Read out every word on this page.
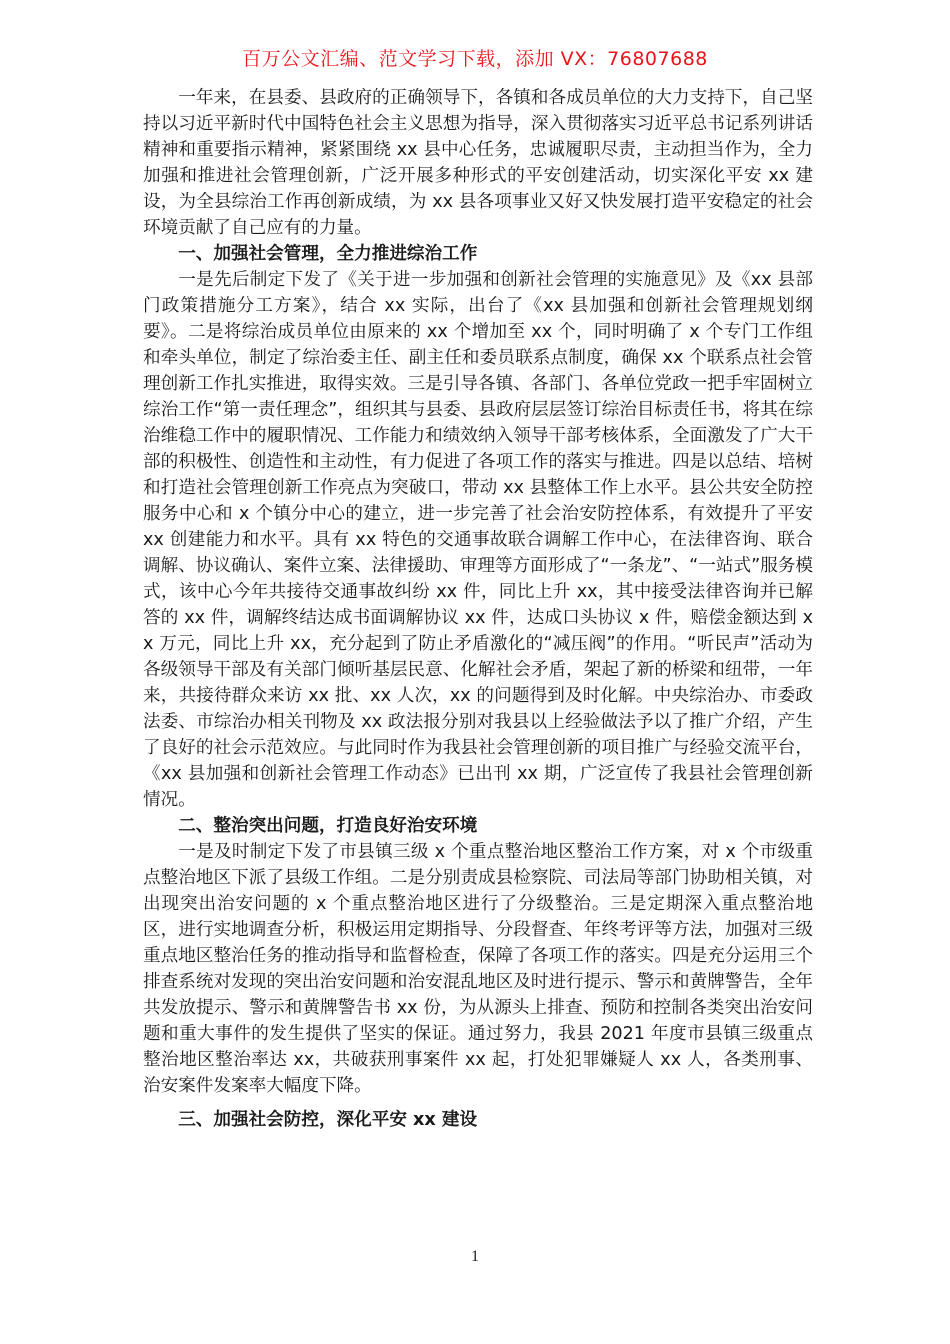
百万公文汇编、范文学习下载，添加 VX：76807688

一年来，在县委、县政府的正确领导下，各镇和各成员单位的大力支持下，自己坚持以习近平新时代中国特色社会主义思想为指导，深入贯彻落实习近平总书记系列讲话精神和重要指示精神，紧紧围绕 xx 县中心任务，忠诚履职尽责，主动担当作为，全力加强和推进社会管理创新，广泛开展多种形式的平安创建活动，切实深化平安 xx 建设，为全县综治工作再创新成绩，为 xx 县各项事业又好又快发展打造平安稳定的社会环境贡献了自己应有的力量。

一、加强社会管理，全力推进综治工作

一是先后制定下发了《关于进一步加强和创新社会管理的实施意见》及《xx 县部门政策措施分工方案》，结合 xx 实际，出台了《xx 县加强和创新社会管理规划纲要》。二是将综治成员单位由原来的 xx 个增加至 xx 个，同时明确了 x 个专门工作组和牵头单位，制定了综治委主任、副主任和委员联系点制度，确保 xx 个联系点社会管理创新工作扎实推进，取得实效。三是引导各镇、各部门、各单位党政一把手牢固树立综治工作“第一责任理念”，组织其与县委、县政府层层签订综治目标责任书，将其在综治维稳工作中的履职情况、工作能力和绩效纳入领导干部考核体系，全面激发了广大干部的积极性、创造性和主动性，有力促进了各项工作的落实与推进。四是以总结、培树和打造社会管理创新工作亮点为突破口，带动 xx 县整体工作上水平。县公共安全防控服务中心和 x 个镇分中心的建立，进一步完善了社会治安防控体系，有效提升了平安 xx 创建能力和水平。具有 xx 特色的交通事故联合调解工作中心，在法律咨询、联合调解、协议确认、案件立案、法律援助、审理等方面形成了“一条龙”、“一站式”服务模式，该中心今年共接待交通事故纠纷 xx 件，同比上升 xx，其中接受法律咨询并已解答的 xx 件，调解终结达成书面调解协议 xx 件，达成口头协议 x 件，赔偿金额达到 xx 万元，同比上升 xx，充分起到了防止矛盾激化的“减压阀”的作用。“听民声”活动为各级领导干部及有关部门倾听基层民意、化解社会矛盾，架起了新的桥梁和纽带，一年来，共接待群众来访 xx 批、xx 人次，xx 的问题得到及时化解。中央综治办、市委政法委、市综治办相关刊物及 xx 政法报分别对我县以上经验做法予以了推广介绍，产生了良好的社会示范效应。与此同时作为我县社会管理创新的项目推广与经验交流平台，《xx 县加强和创新社会管理工作动态》已出刊 xx 期，广泛宣传了我县社会管理创新情况。

二、整治突出问题，打造良好治安环境

一是及时制定下发了市县镇三级 x 个重点整治地区整治工作方案，对 x 个市级重点整治地区下派了县级工作组。二是分别责成县检察院、司法局等部门协助相关镇，对出现突出治安问题的 x 个重点整治地区进行了分级整治。三是定期深入重点整治地区，进行实地调查分析，积极运用定期指导、分段督查、年终考评等方法，加强对三级重点地区整治任务的推动指导和监督检查，保障了各项工作的落实。四是充分运用三个排查系统对发现的突出治安问题和治安混乱地区及时进行提示、警示和黄牌警告，全年共发放提示、警示和黄牌警告书 xx 份，为从源头上排查、预防和控制各类突出治安问题和重大事件的发生提供了坚实的保证。通过努力，我县 2021 年度市县镇三级重点整治地区整治率达 xx，共破获刑事案件 xx 起，打处犯罪嫌疑人 xx 人，各类刑事、治安案件发案率大幅度下降。

三、加强社会防控，深化平安 xx 建设
1
